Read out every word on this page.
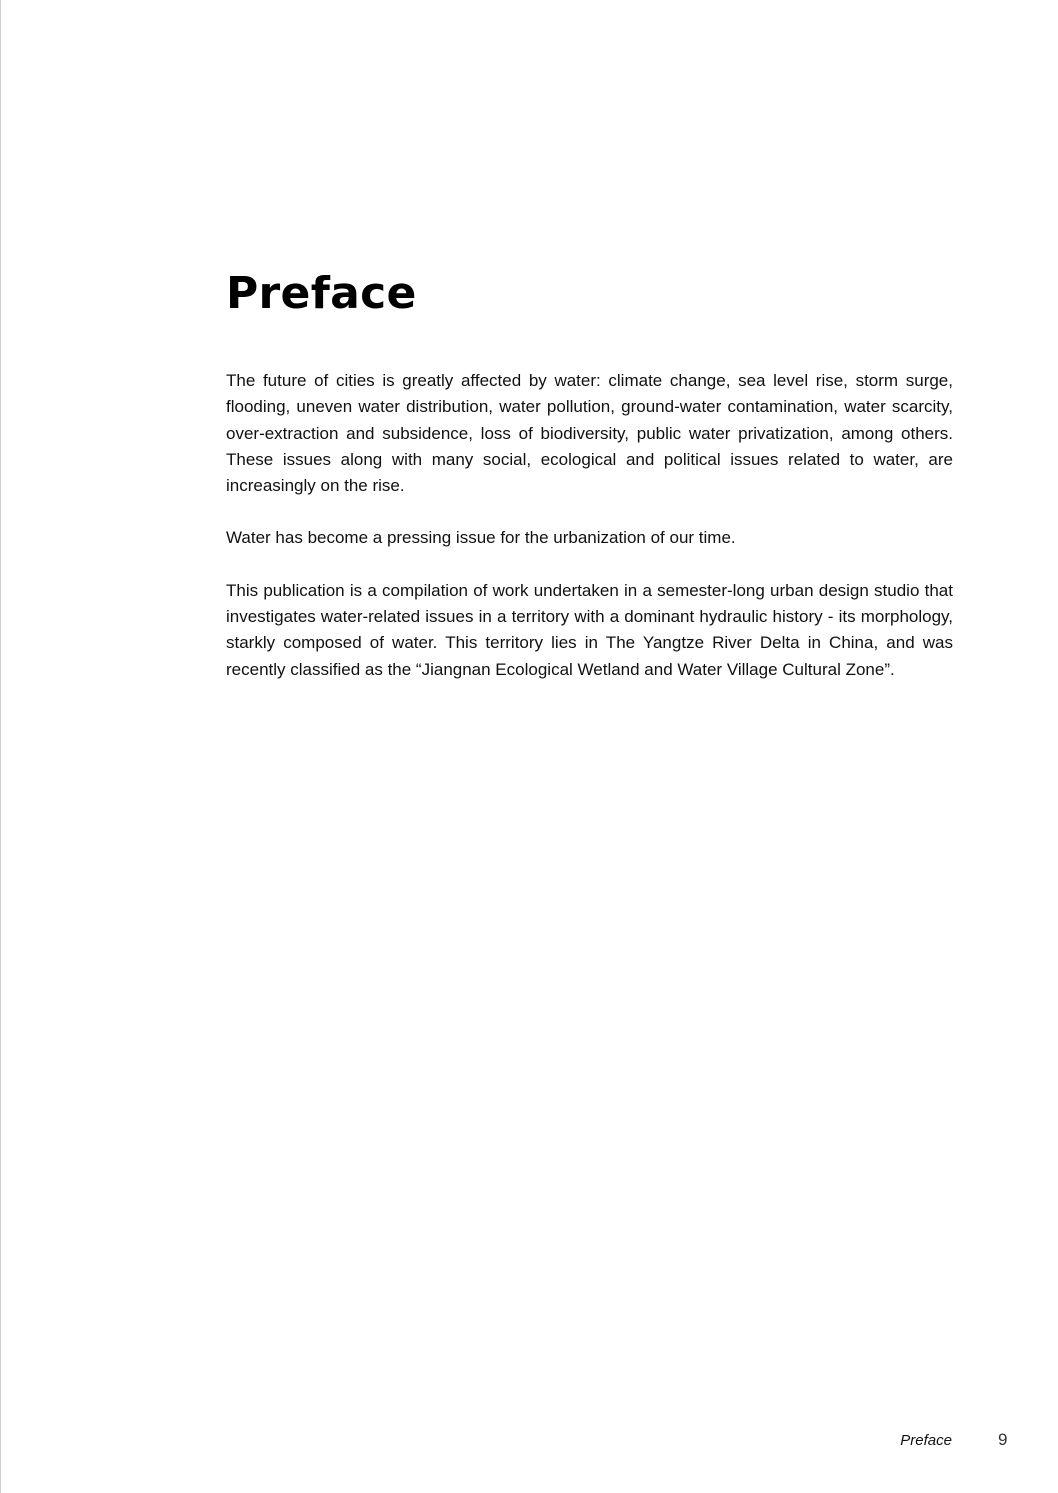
Preface

The future of cities is greatly affected by water: climate change, sea level rise, storm surge, flooding, uneven water distribution, water pollution, ground-water contamination, water scarcity, over-extraction and subsidence, loss of biodiversity, public water privatization, among others. These issues along with many social, ecological and political issues related to water, are increasingly on the rise.

Water has become a pressing issue for the urbanization of our time.

This publication is a compilation of work undertaken in a semester-long urban design studio that investigates water-related issues in a territory with a dominant hydraulic history - its morphology, starkly composed of water. This territory lies in The Yangtze River Delta in China, and was recently classified as the “Jiangnan Ecological Wetland and Water Village Cultural Zone”.

Preface	9
